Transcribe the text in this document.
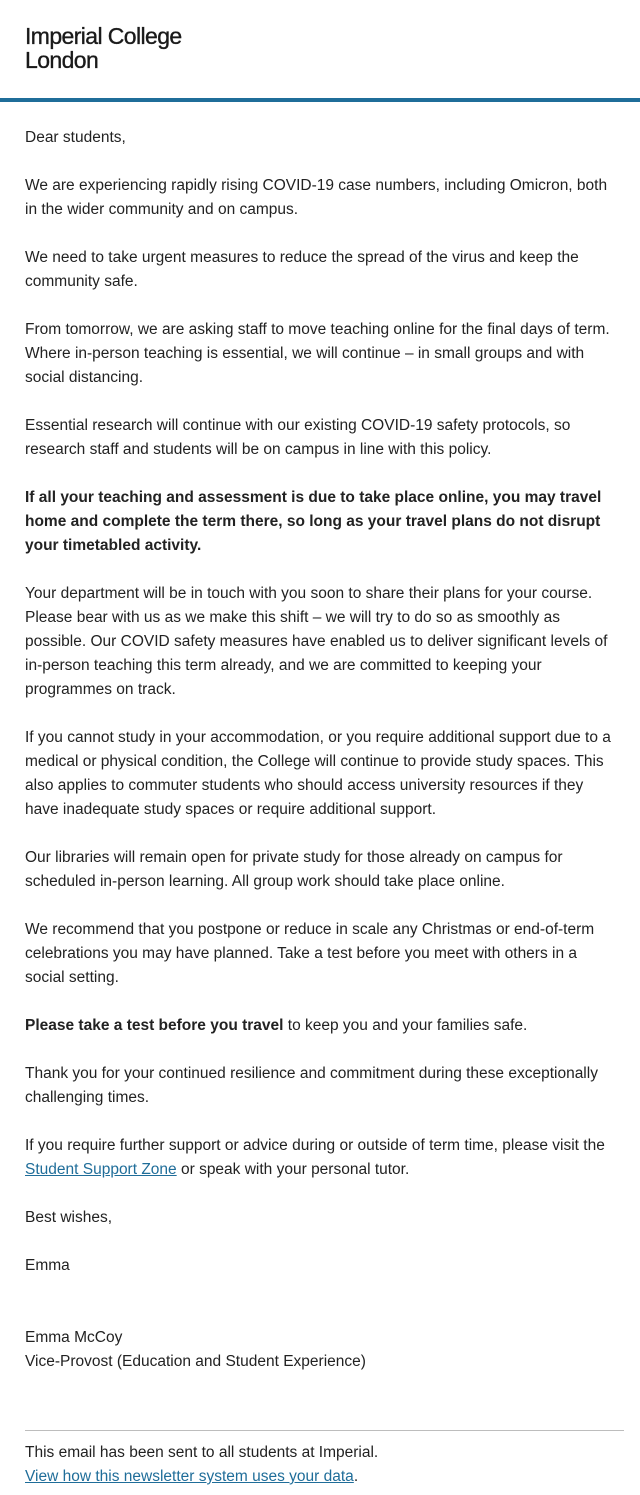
Imperial College
London

Dear students,

We are experiencing rapidly rising COVID-19 case numbers, including Omicron, both in the wider community and on campus.

We need to take urgent measures to reduce the spread of the virus and keep the community safe.

From tomorrow, we are asking staff to move teaching online for the final days of term. Where in-person teaching is essential, we will continue – in small groups and with social distancing.

Essential research will continue with our existing COVID-19 safety protocols, so research staff and students will be on campus in line with this policy.

If all your teaching and assessment is due to take place online, you may travel home and complete the term there, so long as your travel plans do not disrupt your timetabled activity.

Your department will be in touch with you soon to share their plans for your course. Please bear with us as we make this shift – we will try to do so as smoothly as possible. Our COVID safety measures have enabled us to deliver significant levels of in-person teaching this term already, and we are committed to keeping your programmes on track.

If you cannot study in your accommodation, or you require additional support due to a medical or physical condition, the College will continue to provide study spaces. This also applies to commuter students who should access university resources if they have inadequate study spaces or require additional support.

Our libraries will remain open for private study for those already on campus for scheduled in-person learning. All group work should take place online.

We recommend that you postpone or reduce in scale any Christmas or end-of-term celebrations you may have planned. Take a test before you meet with others in a social setting.

Please take a test before you travel to keep you and your families safe.

Thank you for your continued resilience and commitment during these exceptionally challenging times.

If you require further support or advice during or outside of term time, please visit the Student Support Zone or speak with your personal tutor.

Best wishes,

Emma

Emma McCoy
Vice-Provost (Education and Student Experience)

This email has been sent to all students at Imperial.
View how this newsletter system uses your data.
